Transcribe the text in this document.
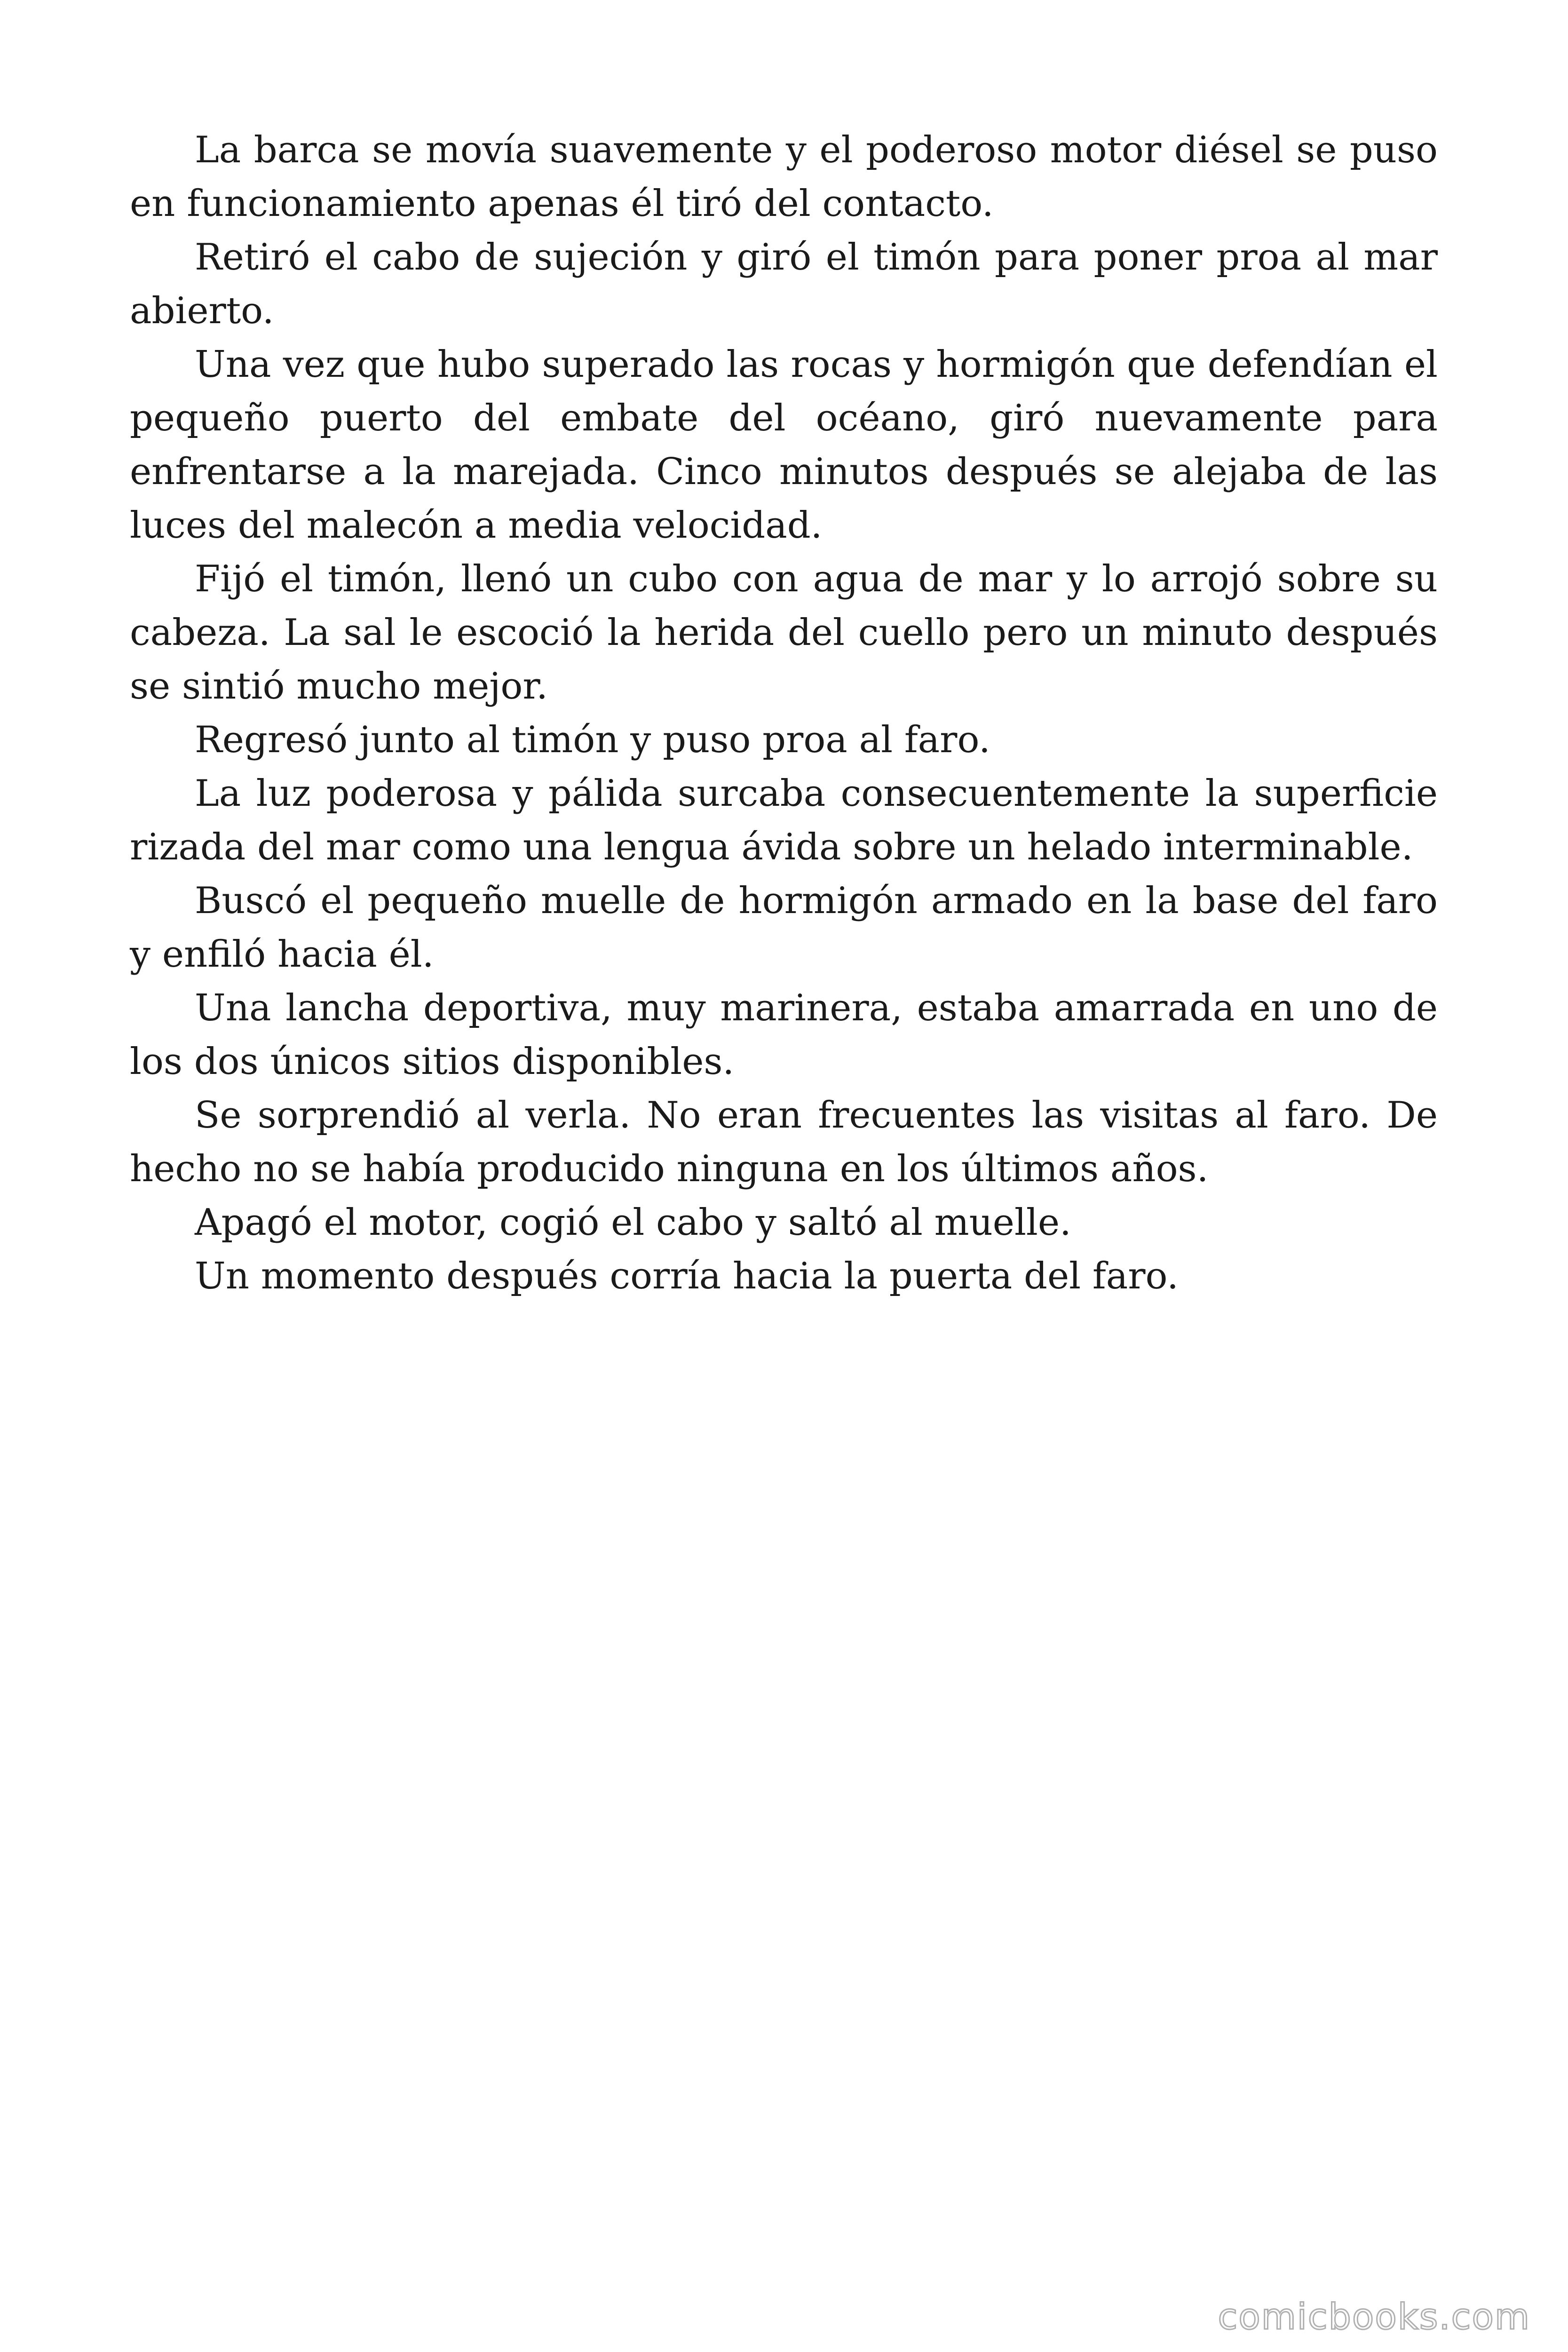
La barca se movía suavemente y el poderoso motor diésel se puso en funcionamiento apenas él tiró del contacto.

Retiró el cabo de sujeción y giró el timón para poner proa al mar abierto.

Una vez que hubo superado las rocas y hormigón que defendían el pequeño puerto del embate del océano, giró nuevamente para enfrentarse a la marejada. Cinco minutos después se alejaba de las luces del malecón a media velocidad.

Fijó el timón, llenó un cubo con agua de mar y lo arrojó sobre su cabeza. La sal le escoció la herida del cuello pero un minuto después se sintió mucho mejor.

Regresó junto al timón y puso proa al faro.

La luz poderosa y pálida surcaba consecuentemente la superficie rizada del mar como una lengua ávida sobre un helado interminable.

Buscó el pequeño muelle de hormigón armado en la base del faro y enfiló hacia él.

Una lancha deportiva, muy marinera, estaba amarrada en uno de los dos únicos sitios disponibles.

Se sorprendió al verla. No eran frecuentes las visitas al faro. De hecho no se había producido ninguna en los últimos años.

Apagó el motor, cogió el cabo y saltó al muelle.

Un momento después corría hacia la puerta del faro.

comicbooks.com
